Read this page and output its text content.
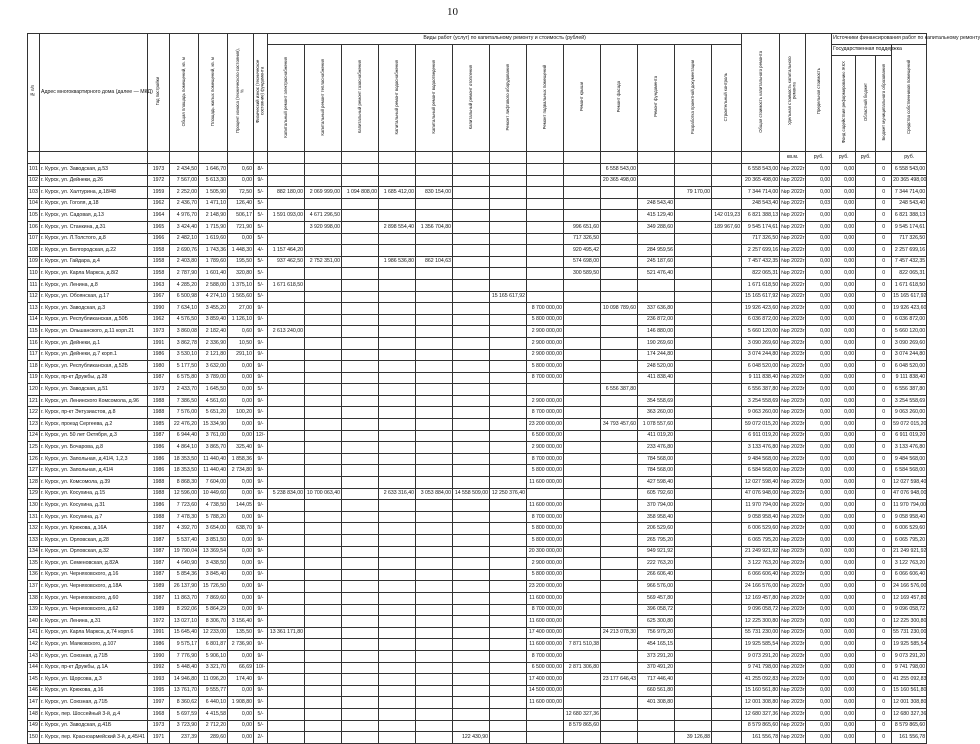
10
№ п/п	Адрес многоквартирного дома (далее — МКД)	Год постройки	Общая площадь помещений, кв. м	Площадь жилых помещений, кв. м	Процент износа (технического состояния), %	Физический износ (техническое состояние) фундамента	Виды работ (услуг) по капитальному ремонту и стоимость (рублей)													Общая стоимость капитального ремонта	Удельная стоимость капитального ремонта	Предельная стоимость	Источники финансирования работ по капитальному ремонту			
							Капитальный ремонт электроснабжения	Капитальный ремонт теплоснабжения	Капитальный ремонт газоснабжения	Капитальный ремонт водоснабжения	Капитальный ремонт водоотведения	Капитальный ремонт отопления	Ремонт лифтового оборудования	Ремонт подвальных помещений	Ремонт крыши	Ремонт фасада	Ремонт фундамента	Разработка проектной документации	Строительный контроль				Государственная поддержка			Средства собственников помещений
																							Фонд содействия реформированию ЖКХ	Областной бюджет	Бюджет муниципального образования	
																					кв.м.	руб.	руб.	руб.		руб.
101	г. Курск, ул. Заводская, д.53	1973	2 434,50	1 646,70	0,60	8/-										6 558 543,00				6 558 543,00	№р 2022г	0,00	0,00		0	6 558 543,00
102	г. Курск, ул. Дейнеки, д.26	1972	7 567,00	5 613,30	0,00	9/-										20 365 498,00				20 365 498,00	№р 2022г	0,00	0,00		0	20 365 498,00
103	г. Курск, ул. Халтурина, д.18/48	1959	2 252,00	1 505,90	72,50	5/-	882 180,00	2 069 999,00	1 094 808,00	1 685 412,00	830 154,00							79 170,00		7 344 714,00	№р 2022г	0,00	0,00		0	7 344 714,00
104	г. Курск, ул. Гоголя, д.18	1962	2 436,70	1 471,10	126,40	5/-											248 543,40			248 543,40	№р 2022г	0,03	0,00		0	248 543,40
105	г. Курск, ул. Садовая, д.13	1964	4 976,70	2 148,90	506,17	5/-	1 591 093,00	4 671 296,50									415 129,40		142 019,23	6 821 388,13	№р 2022г	0,00	0,00		0	6 821 388,13
106	г. Курск, ул. Станкина, д.31	1965	3 424,40	1 715,90	721,90	5/-		3 920 998,00		2 898 554,40	1 356 704,80				996 651,60		349 288,60		189 967,60	9 545 174,61	№р 2022г	0,00	0,00		0	9 545 174,61
107	г. Курск, ул. Л.Толстого, д.8	1966	2 482,10	1 619,60	0,00	5/-									717 326,50					717 326,50	№р 2022г	0,00	0,00		0	717 326,50
108	г. Курск, ул. Белгородская, д.22	1958	2 690,76	1 743,36	1 448,30	4/-	1 157 464,20								920 495,42		284 959,56			2 257 699,16	№р 2022г	0,00	0,00		0	2 257 699,16
109	г. Курск, ул. Гайдара, д.4	1958	2 403,80	1 789,60	195,50	5/-	937 462,50	2 752 351,00		1 986 536,80	862 104,63				574 698,00		245 187,60			7 457 432,35	№р 2022г	0,00	0,00		0	7 457 432,35
110	г. Курск, ул. Карла Маркса, д.8/2	1958	2 787,90	1 601,40	320,80	5/-									300 589,50		521 476,40			822 065,31	№р 2022г	0,00	0,00		0	822 065,31
111	г. Курск, ул. Ленина, д.8	1963	4 285,20	2 588,00	1 375,10	5/-	1 671 618,50													1 671 618,50	№р 2022г	0,00	0,00		0	1 671 618,50
112	г. Курск, ул. Обоянская, д.17	1967	6 500,98	4 274,10	1 565,60	5/-							15 165 617,92							15 165 617,92	№р 2022г	0,00	0,00		0	15 165 617,92
113	г. Курск, ул. Заводская, д.3	1990	7 634,10	3 455,20	27,00	9/-								8 700 000,00		10 098 789,60	337 636,80			19 926 423,60	№р 2023г	0,00	0,00		0	19 926 423,60
114	г. Курск, ул. Республиканская, д.50Б	1962	4 576,50	3 859,40	1 126,10	9/-								5 800 000,00			236 872,00			6 036 872,00	№р 2023г	0,00	0,00		0	6 036 872,00
115	г. Курск, ул. Ольшанского, д.11 корп.21	1973	3 860,08	2 182,40	0,60	9/-	2 613 240,00							2 900 000,00			146 880,00			5 660 120,00	№р 2023г	0,00	0,00		0	5 660 120,00
116	г. Курск, ул. Дейнеки, д.1	1991	3 862,78	2 336,90	10,50	9/-								2 900 000,00			190 269,60			3 090 269,60	№р 2023г	0,00	0,00		0	3 090 269,60
117	г. Курск, ул. Дейнеки, д.7 корп.1	1986	3 530,10	2 121,80	291,10	9/-								2 900 000,00			174 244,80			3 074 244,80	№р 2023г	0,00	0,00		0	3 074 244,80
118	г. Курск, ул. Республиканская, д.52Б	1980	5 177,50	3 632,00	0,00	9/-								5 800 000,00			248 520,00			6 048 520,00	№р 2023г	0,00	0,00		0	6 048 520,00
119	г. Курск, пр-кт Дружбы, д.28	1987	6 575,80	3 789,00	0,00	9/-								8 700 000,00			411 838,40			9 111 838,40	№р 2023г	0,00	0,00		0	9 111 838,40
120	г. Курск, ул. Заводская, д.51	1973	2 433,70	1 645,50	0,00	5/-										6 556 387,80				6 556 387,80	№р 2023г	0,00	0,00		0	6 556 387,80
121	г. Курск, ул. Ленинского Комсомола, д.96	1988	7 386,50	4 561,60	0,00	9/-								2 900 000,00			354 558,69			3 254 558,69	№р 2023г	0,00	0,00		0	3 254 558,69
122	г. Курск, пр-кт Энтузиастов, д.8	1988	7 576,00	5 651,20	100,20	9/-								8 700 000,00			363 260,00			9 063 260,00	№р 2023г	0,00	0,00		0	9 063 260,00
123	г. Курск, проезд Сергеева, д.2	1985	22 476,20	15 334,90	0,00	9/-								23 200 000,00		34 793 457,60	1 078 557,60			59 072 015,20	№р 2023г	0,00	0,00		0	59 072 015,20
124	г. Курск, ул. 50 лет Октября, д.3	1987	6 944,40	3 761,00	0,00	12/-								6 500 000,00			411 019,20			6 911 019,20	№р 2023г	0,00	0,00		0	6 911 019,20
125	г. Курск, ул. Бочарова, д.8	1986	4 864,10	3 865,70	325,40	9/-								2 900 000,00			233 476,80			3 133 476,80	№р 2023г	0,00	0,00		0	3 133 476,80
126	г. Курск, ул. Запольная, д.41/4, 1,2,3	1986	18 353,50	11 440,40	1 858,36	9/-								8 700 000,00			784 568,00			9 484 568,00	№р 2023г	0,00	0,00		0	9 484 568,00
127	г. Курск, ул. Запольная, д.41/4	1986	18 353,50	11 440,40	2 734,80	9/-								5 800 000,00			784 568,00			6 584 568,00	№р 2023г	0,00	0,00		0	6 584 568,00
128	г. Курск, ул. Комсомола, д.39	1988	8 868,30	7 604,00	0,00	9/-								11 600 000,00			427 598,40			12 027 598,40	№р 2023г	0,00	0,00		0	12 027 598,40
129	г. Курск, ул. Косухина, д.15	1988	12 596,00	10 449,60	0,00	9/-	5 238 834,00	10 700 063,40		2 633 316,40	3 053 884,00	14 558 509,00	12 250 376,40				605 792,60			47 076 948,00	№р 2023г	0,00	0,00		0	47 076 948,00
130	г. Курск, ул. Косухина, д.31	1986	7 723,60	4 738,50	144,05	9/-								11 600 000,00			370 794,00			11 970 794,00	№р 2023г	0,00	0,00		0	11 970 794,00
131	г. Курск, ул. Косухина, д.7	1988	7 478,30	5 788,20	0,00	9/-								8 700 000,00			358 958,40			9 058 958,40	№р 2023г	0,00	0,00		0	9 058 958,40
132	г. Курск, ул. Крюкова, д.16А	1987	4 392,70	3 654,00	638,70	9/-								5 800 000,00			206 529,60			6 006 529,60	№р 2023г	0,00	0,00		0	6 006 529,60
133	г. Курск, ул. Орловская, д.28	1987	5 537,40	3 851,50	0,00	9/-								5 800 000,00			265 795,20			6 065 795,20	№р 2023г	0,00	0,00		0	6 065 795,20
134	г. Курск, ул. Орловская, д.32	1987	19 790,04	13 369,54	0,00	9/-								20 300 000,00			949 921,92			21 249 921,92	№р 2023г	0,00	0,00		0	21 249 921,92
135	г. Курск, ул. Семеновская, д.82А	1987	4 640,90	3 438,50	0,00	9/-								2 900 000,00			222 763,20			3 122 763,20	№р 2023г	0,00	0,00		0	3 122 763,20
136	г. Курск, ул. Черняховского, д.16	1987	5 854,36	3 845,40	0,00	9/-								5 800 000,00			266 606,40			6 066 606,40	№р 2023г	0,00	0,00		0	6 066 606,40
137	г. Курск, ул. Черняховского, д.18А	1989	26 137,90	15 726,50	0,00	9/-								23 200 000,00			966 576,00			24 166 576,00	№р 2023г	0,00	0,00		0	24 166 576,00
138	г. Курск, ул. Черняховского, д.60	1987	11 863,70	7 869,60	0,00	9/-								11 600 000,00			569 457,80			12 169 457,80	№р 2023г	0,00	0,00		0	12 169 457,80
139	г. Курск, ул. Черняховского, д.62	1989	8 292,06	5 864,29	0,00	9/-								8 700 000,00			396 058,72			9 096 058,72	№р 2023г	0,00	0,00		0	9 096 058,72
140	г. Курск, ул. Ленина, д.31	1972	13 027,10	8 306,70	3 156,40	9/-								11 600 000,00			625 300,80			12 225 300,80	№р 2023г	0,00	0,00		0	12 225 300,80
141	г. Курск, ул. Карла Маркса, д.74 корп.6	1991	15 645,40	12 233,00	135,50	9/-	13 361 171,80							17 400 000,00		24 213 078,30	756 979,20			55 731 230,00	№р 2023г	0,00	0,00		0	55 731 230,00
142	г. Курск, ул. Маяковского, д.107	1986	9 575,17	6 801,87	2 736,90	9/-								11 600 000,00	7 871 510,38		454 165,15			19 925 585,54	№р 2023г	0,00	0,00		0	19 925 585,54
143	г. Курск, ул. Союзная, д.71В	1990	7 776,90	5 906,10	0,00	9/-								8 700 000,00			373 291,20			9 073 291,20	№р 2023г	0,00	0,00		0	9 073 291,20
144	г. Курск, пр-кт Дружбы, д.1А	1992	5 448,40	3 321,70	66,69	10/-								6 500 000,00	2 871 306,80		370 491,20			9 741 798,00	№р 2023г	0,00	0,00		0	9 741 798,00
145	г. Курск, ул. Щорсова, д.3	1993	14 946,80	11 096,20	174,40	9/-								17 400 000,00		23 177 646,43	717 446,40			41 255 092,83	№р 2023г	0,00	0,00		0	41 255 092,83
146	г. Курск, ул. Крюкова, д.16	1995	13 761,70	9 555,77	0,00	9/-								14 500 000,00			660 561,80			15 160 561,80	№р 2023г	0,00	0,00		0	15 160 561,80
147	г. Курск, ул. Союзная, д.71Б	1997	8 360,62	6 440,10	1 908,80	9/-								11 600 000,00			401 308,80			12 001 308,80	№р 2023г	0,00	0,00		0	12 001 308,80
148	г. Курск, пер. Шоссейный 3-й, д.4	1968	5 697,59	4 415,58	0,00	5/-									12 680 327,36					12 680 327,36	№р 2023г	0,00	0,00		0	12 680 327,36
149	г. Курск, ул. Заводская, д.41Б	1973	3 723,90	2 712,20	0,00	5/-									8 579 865,60					8 579 865,60	№р 2023г	0,00	0,00		0	8 579 865,60
150	г. Курск, пер. Красноармейский 3-й, д.45/41	1971	237,39	289,60	0,00	2/-						122 430,90						39 126,88		161 556,78	№р 2023г	0,00	0,00		0	161 556,78
